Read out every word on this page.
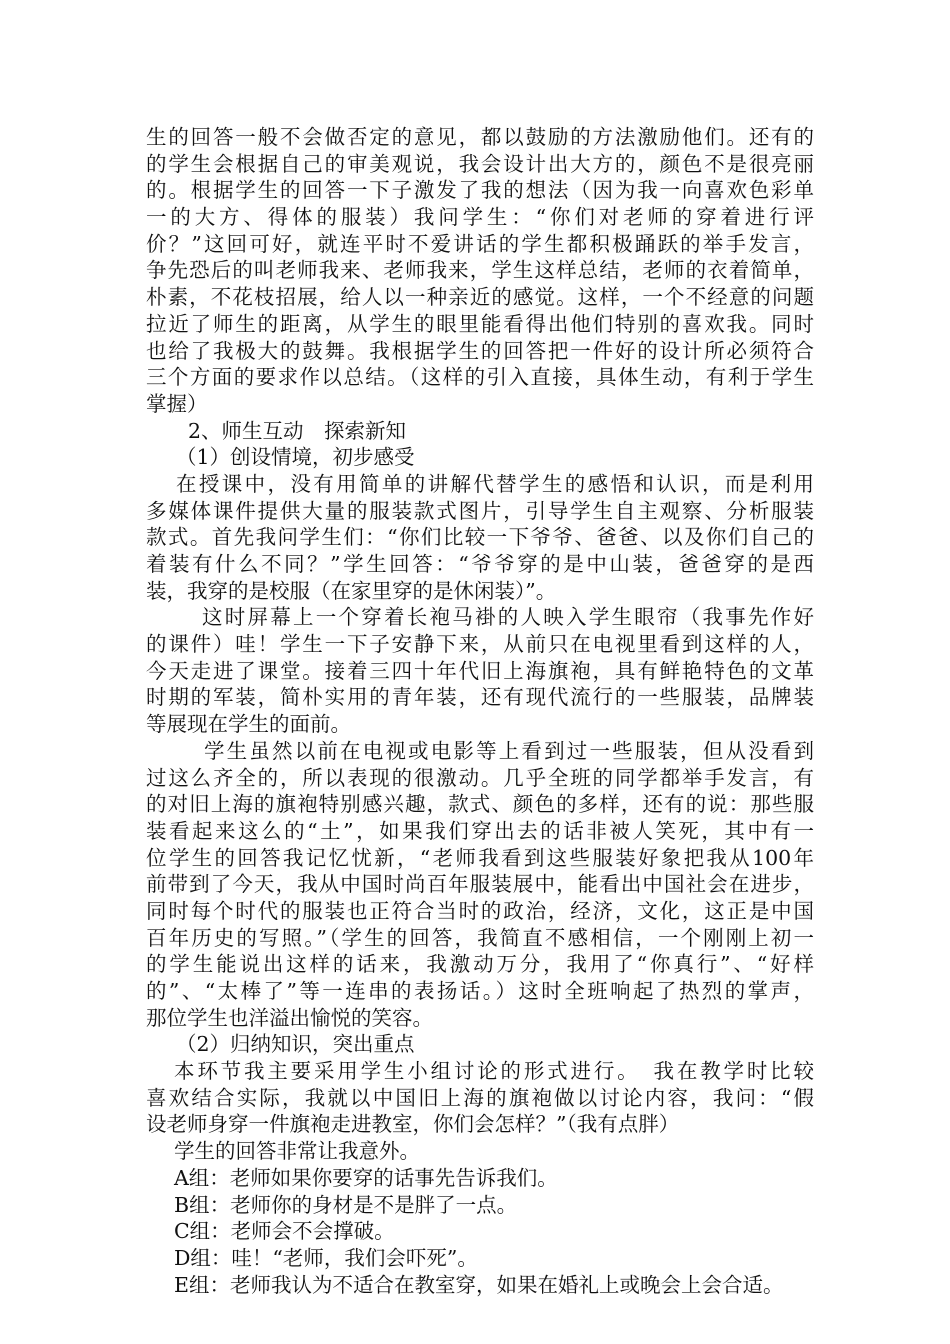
生的回答一般不会做否定的意见，都以鼓励的方法激励他们。还有的
的学生会根据自己的审美观说，我会设计出大方的，颜色不是很亮丽
的。根据学生的回答一下子激发了我的想法（因为我一向喜欢色彩单
一的大方、得体的服装）我问学生：“你们对老师的穿着进行评
价？”这回可好，就连平时不爱讲话的学生都积极踊跃的举手发言，
争先恐后的叫老师我来、老师我来，学生这样总结，老师的衣着简单，
朴素，不花枝招展，给人以一种亲近的感觉。这样，一个不经意的问题
拉近了师生的距离，从学生的眼里能看得出他们特别的喜欢我。同时
也给了我极大的鼓舞。我根据学生的回答把一件好的设计所必须符合
三个方面的要求作以总结。（这样的引入直接，具体生动，有利于学生
掌握）
2、师生互动　探索新知
（1）创设情境，初步感受
在授课中，没有用简单的讲解代替学生的感悟和认识，而是利用
多媒体课件提供大量的服装款式图片，引导学生自主观察、分析服装
款式。首先我问学生们：“你们比较一下爷爷、爸爸、以及你们自己的
着装有什么不同？”学生回答：“爷爷穿的是中山装，爸爸穿的是西
装，我穿的是校服（在家里穿的是休闲装）”。
这时屏幕上一个穿着长袍马褂的人映入学生眼帘（我事先作好
的课件）哇！学生一下子安静下来，从前只在电视里看到这样的人，
今天走进了课堂。接着三四十年代旧上海旗袍，具有鲜艳特色的文革
时期的军装，简朴实用的青年装，还有现代流行的一些服装，品牌装
等展现在学生的面前。
学生虽然以前在电视或电影等上看到过一些服装，但从没看到
过这么齐全的，所以表现的很激动。几乎全班的同学都举手发言，有
的对旧上海的旗袍特别感兴趣，款式、颜色的多样，还有的说：那些服
装看起来这么的“土”，如果我们穿出去的话非被人笑死，其中有一
位学生的回答我记忆忧新，“老师我看到这些服装好象把我从100年
前带到了今天，我从中国时尚百年服装展中，能看出中国社会在进步，
同时每个时代的服装也正符合当时的政治，经济，文化，这正是中国
百年历史的写照。”（学生的回答，我简直不感相信，一个刚刚上初一
的学生能说出这样的话来，我激动万分，我用了“你真行”、“好样
的”、“太棒了”等一连串的表扬话。）这时全班响起了热烈的掌声，
那位学生也洋溢出愉悦的笑容。
（2）归纳知识，突出重点
本环节我主要采用学生小组讨论的形式进行。　我在教学时比较
喜欢结合实际，我就以中国旧上海的旗袍做以讨论内容，我问：“假
设老师身穿一件旗袍走进教室，你们会怎样？”（我有点胖）
学生的回答非常让我意外。
A组：老师如果你要穿的话事先告诉我们。
B组：老师你的身材是不是胖了一点。
C组：老师会不会撑破。
D组：哇！“老师，我们会吓死”。
E组：老师我认为不适合在教室穿，如果在婚礼上或晚会上会合适。
